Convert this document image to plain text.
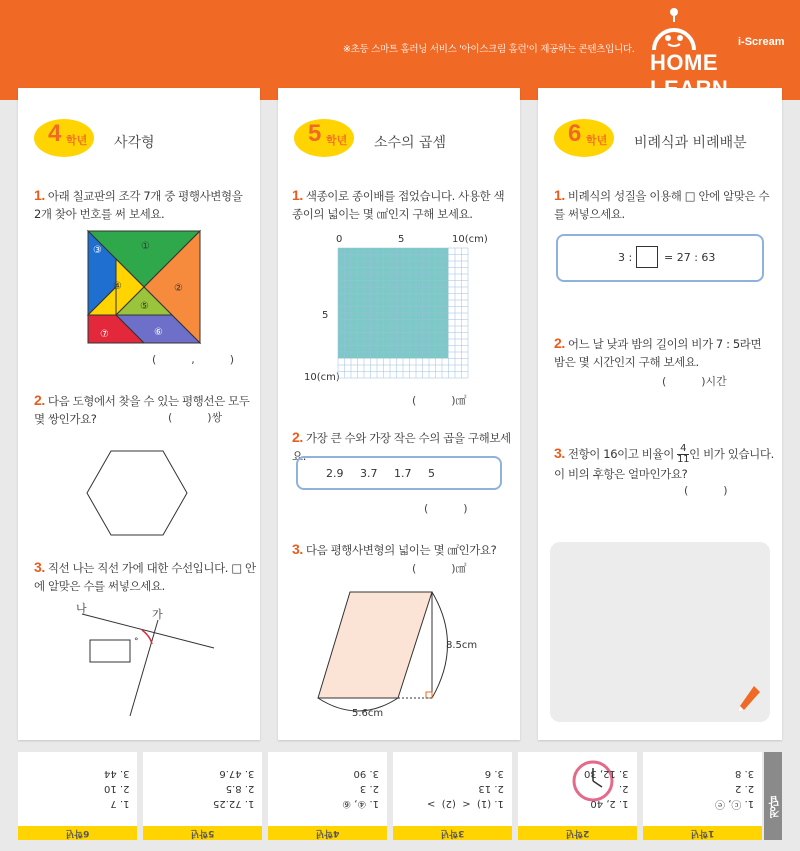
※초등 스마트 홈러닝 서비스 '아이스크림 홈런'이 제공하는 콘텐츠입니다.
i-Scream
HOME
4 학년 사각형
1. 아래 칠교판의 조각 7개 중 평행사변형을 2개 찾아 번호를 써 보세요.
①
②
③
④
⑤
⑥
⑦
(          ,          )
2. 다음 도형에서 찾을 수 있는 평행선은 모두 몇 쌍인가요?	(          )쌍
3. 직선 나는 직선 가에 대한 수선입니다. □ 안에 알맞은 수를 써넣으세요.
나	가
°
5 학년 소수의 곱셈
1. 색종이로 종이배를 접었습니다. 사용한 색종이의 넓이는 몇 ㎠인지 구해 보세요.
0	5	10(cm)
5
10(cm)
(          )㎠
2. 가장 큰 수와 가장 작은 수의 곱을 구해보세요.
2.9 3.7 1.7 5
(          )
3. 다음 평행사변형의 넓이는 몇 ㎠인가요?
(          )㎠
8.5cm
5.6cm
6 학년 비례식과 비례배분
1. 비례식의 성질을 이용해 □ 안에 알맞은 수를 써넣으세요.
3 :	= 27 : 63
2. 어느 날 낮과 밤의 길이의 비가 7 : 5라면 밤은 몇 시간인지 구해 보세요.
(          )시간
3. 전항이 16이고 비율이 $\frac{4}{11}$ 인 비가 있습니다. 이 비의 후항은 얼마인가요?
(          )
1. 7
2. 10
3. 44
6학년
1. 72.25
2. 8.5
3. 47.6
5학년
1. ④, ⑥
2. 3
3. 90
4학년
1. (1)  <  (2)  >
2. 13
3. 6
3학년
1. 2, 40
2.
3. 12, 30
2학년
1. ⓒ, ⓔ
2. 2
3. 8
1학년
정답
